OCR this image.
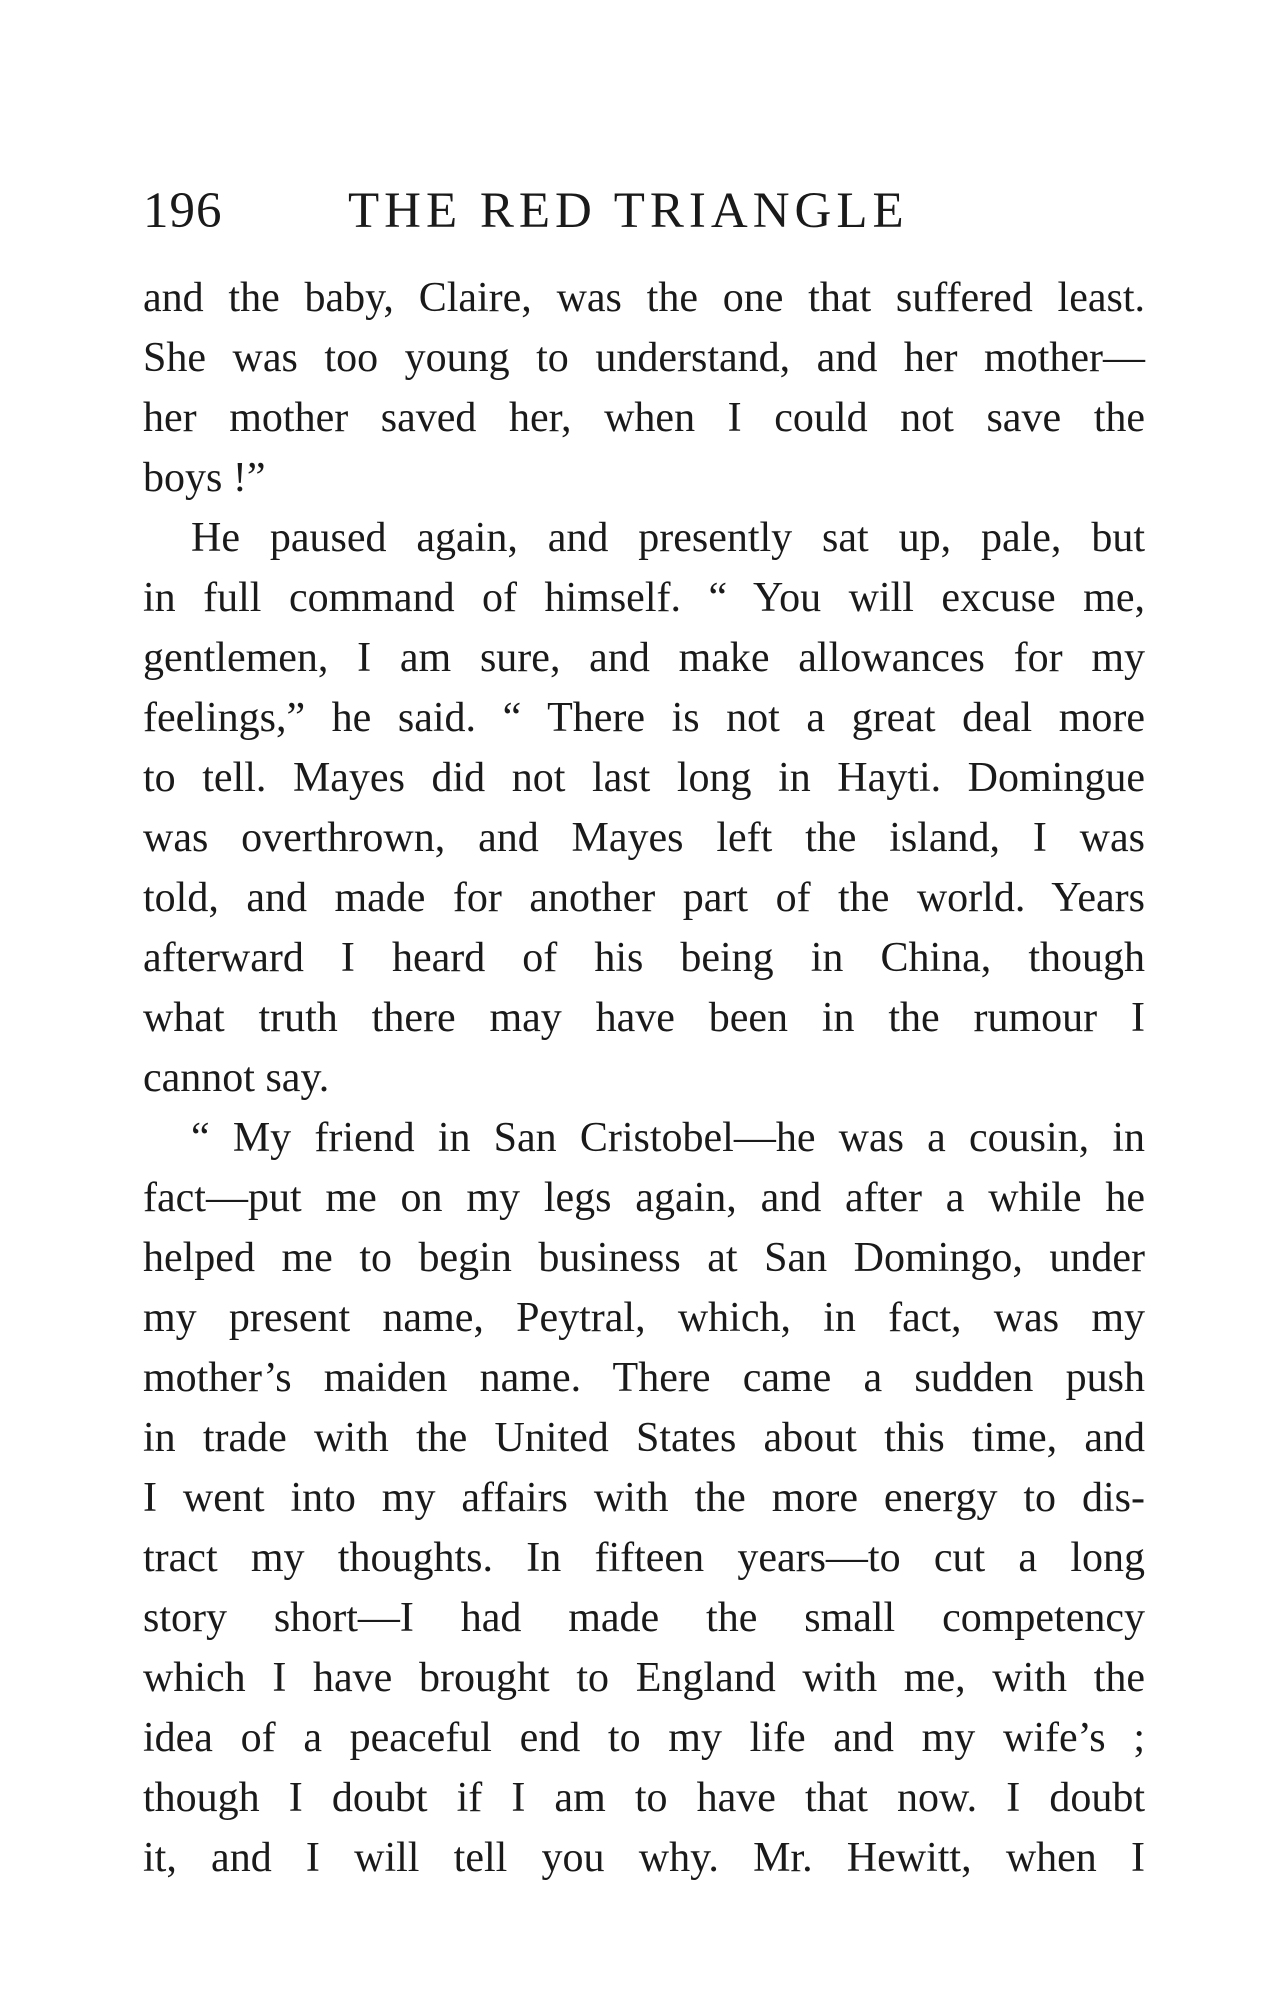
196 THE RED TRIANGLE
and the baby, Claire, was the one that suffered least.
She was too young to understand, and her mother—
her mother saved her, when I could not save the
boys !”
He paused again, and presently sat up, pale, but
in full command of himself. “ You will excuse me,
gentlemen, I am sure, and make allowances for my
feelings,” he said. “ There is not a great deal more
to tell. Mayes did not last long in Hayti. Domingue
was overthrown, and Mayes left the island, I was
told, and made for another part of the world. Years
afterward I heard of his being in China, though
what truth there may have been in the rumour I
cannot say.
“ My friend in San Cristobel—he was a cousin, in
fact—put me on my legs again, and after a while he
helped me to begin business at San Domingo, under
my present name, Peytral, which, in fact, was my
mother’s maiden name. There came a sudden push
in trade with the United States about this time, and
I went into my affairs with the more energy to dis-
tract my thoughts. In fifteen years—to cut a long
story short—I had made the small competency
which I have brought to England with me, with the
idea of a peaceful end to my life and my wife’s ;
though I doubt if I am to have that now. I doubt
it, and I will tell you why. Mr. Hewitt, when I
